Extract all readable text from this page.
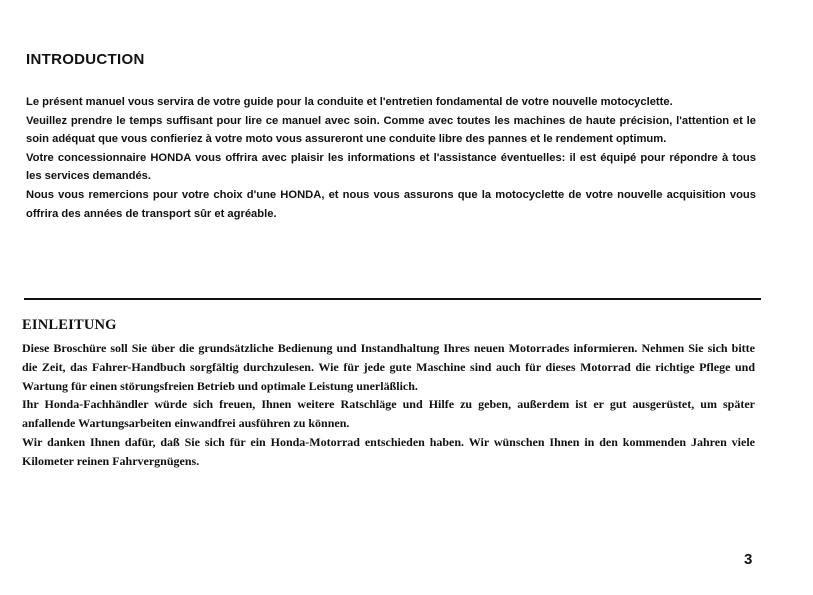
INTRODUCTION

Le présent manuel vous servira de votre guide pour la conduite et l'entretien fondamental de votre nouvelle motocyclette.

Veuillez prendre le temps suffisant pour lire ce manuel avec soin. Comme avec toutes les machines de haute précision, l'attention et le soin adéquat que vous confieriez à votre moto vous assureront une conduite libre des pannes et le rendement optimum.

Votre concessionnaire HONDA vous offrira avec plaisir les informations et l'assistance éventuelles: il est équipé pour répondre à tous les services demandés.

Nous vous remercions pour votre choix d'une HONDA, et nous vous assurons que la motocyclette de votre nouvelle acquisition vous offrira des années de transport sûr et agréable.

EINLEITUNG

Diese Broschüre soll Sie über die grundsätzliche Bedienung und Instandhaltung Ihres neuen Motorrades informieren. Nehmen Sie sich bitte die Zeit, das Fahrer-Handbuch sorgfältig durchzulesen. Wie für jede gute Maschine sind auch für dieses Motorrad die richtige Pflege und Wartung für einen störungsfreien Betrieb und optimale Leistung unerläßlich.

Ihr Honda-Fachhändler würde sich freuen, Ihnen weitere Ratschläge und Hilfe zu geben, außerdem ist er gut ausgerüstet, um später anfallende Wartungsarbeiten einwandfrei ausführen zu können.

Wir danken Ihnen dafür, daß Sie sich für ein Honda-Motorrad entschieden haben. Wir wünschen Ihnen in den kommenden Jahren viele Kilometer reinen Fahrvergnügens.

3
